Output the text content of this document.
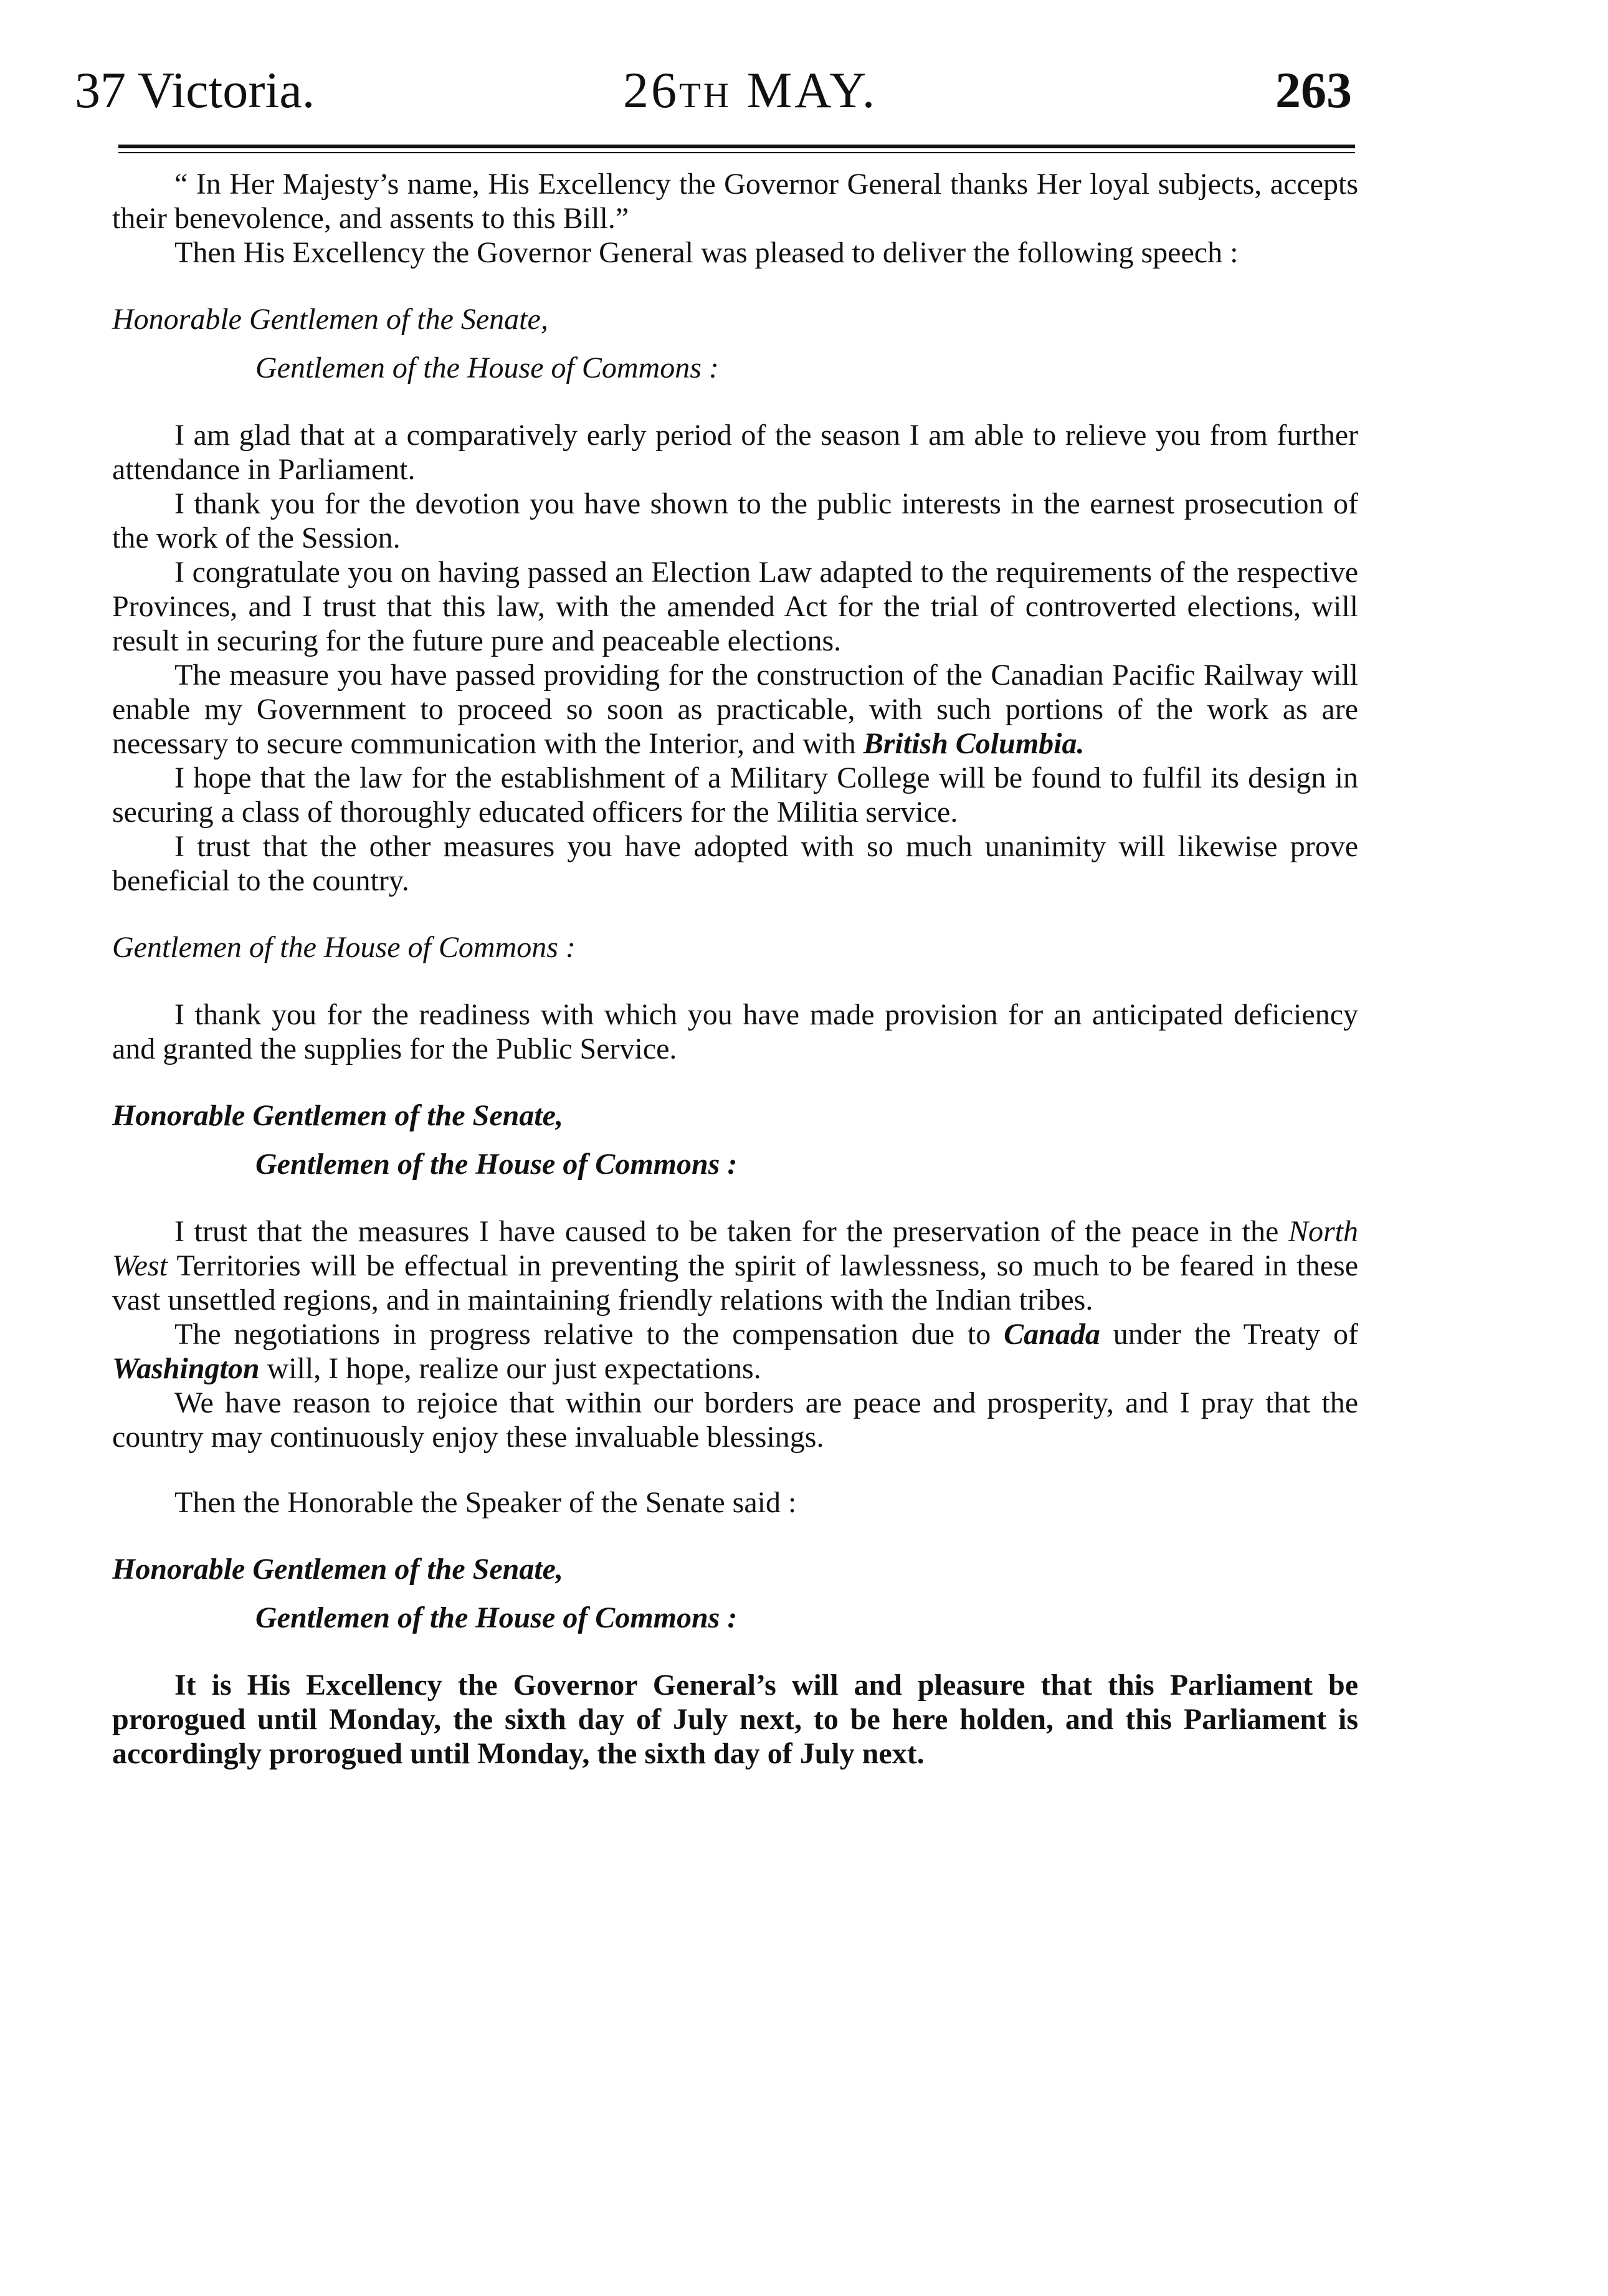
37 Victoria.	26th MAY.	263

“ In Her Majesty’s name, His Excellency the Governor General thanks Her loyal subjects, accepts their benevolence, and assents to this Bill.”

Then His Excellency the Governor General was pleased to deliver the following speech :

Honorable Gentlemen of the Senate,

Gentlemen of the House of Commons :

I am glad that at a comparatively early period of the season I am able to relieve you from further attendance in Parliament.

I thank you for the devotion you have shown to the public interests in the earnest prosecution of the work of the Session.

I congratulate you on having passed an Election Law adapted to the requirements of the respective Provinces, and I trust that this law, with the amended Act for the trial of controverted elections, will result in securing for the future pure and peaceable elections.

The measure you have passed providing for the construction of the Canadian Pacific Railway will enable my Government to proceed so soon as practicable, with such portions of the work as are necessary to secure communication with the Interior, and with British Columbia.

I hope that the law for the establishment of a Military College will be found to fulfil its design in securing a class of thoroughly educated officers for the Militia service.

I trust that the other measures you have adopted with so much unanimity will likewise prove beneficial to the country.

Gentlemen of the House of Commons :

I thank you for the readiness with which you have made provision for an anticipated deficiency and granted the supplies for the Public Service.

Honorable Gentlemen of the Senate,

Gentlemen of the House of Commons :

I trust that the measures I have caused to be taken for the preservation of the peace in the North West Territories will be effectual in preventing the spirit of lawlessness, so much to be feared in these vast unsettled regions, and in maintaining friendly relations with the Indian tribes.

The negotiations in progress relative to the compensation due to Canada under the Treaty of Washington will, I hope, realize our just expectations.

We have reason to rejoice that within our borders are peace and prosperity, and I pray that the country may continuously enjoy these invaluable blessings.

Then the Honorable the Speaker of the Senate said :

Honorable Gentlemen of the Senate,

Gentlemen of the House of Commons :

It is His Excellency the Governor General’s will and pleasure that this Parliament be prorogued until Monday, the sixth day of July next, to be here holden, and this Parliament is accordingly prorogued until Monday, the sixth day of July next.
